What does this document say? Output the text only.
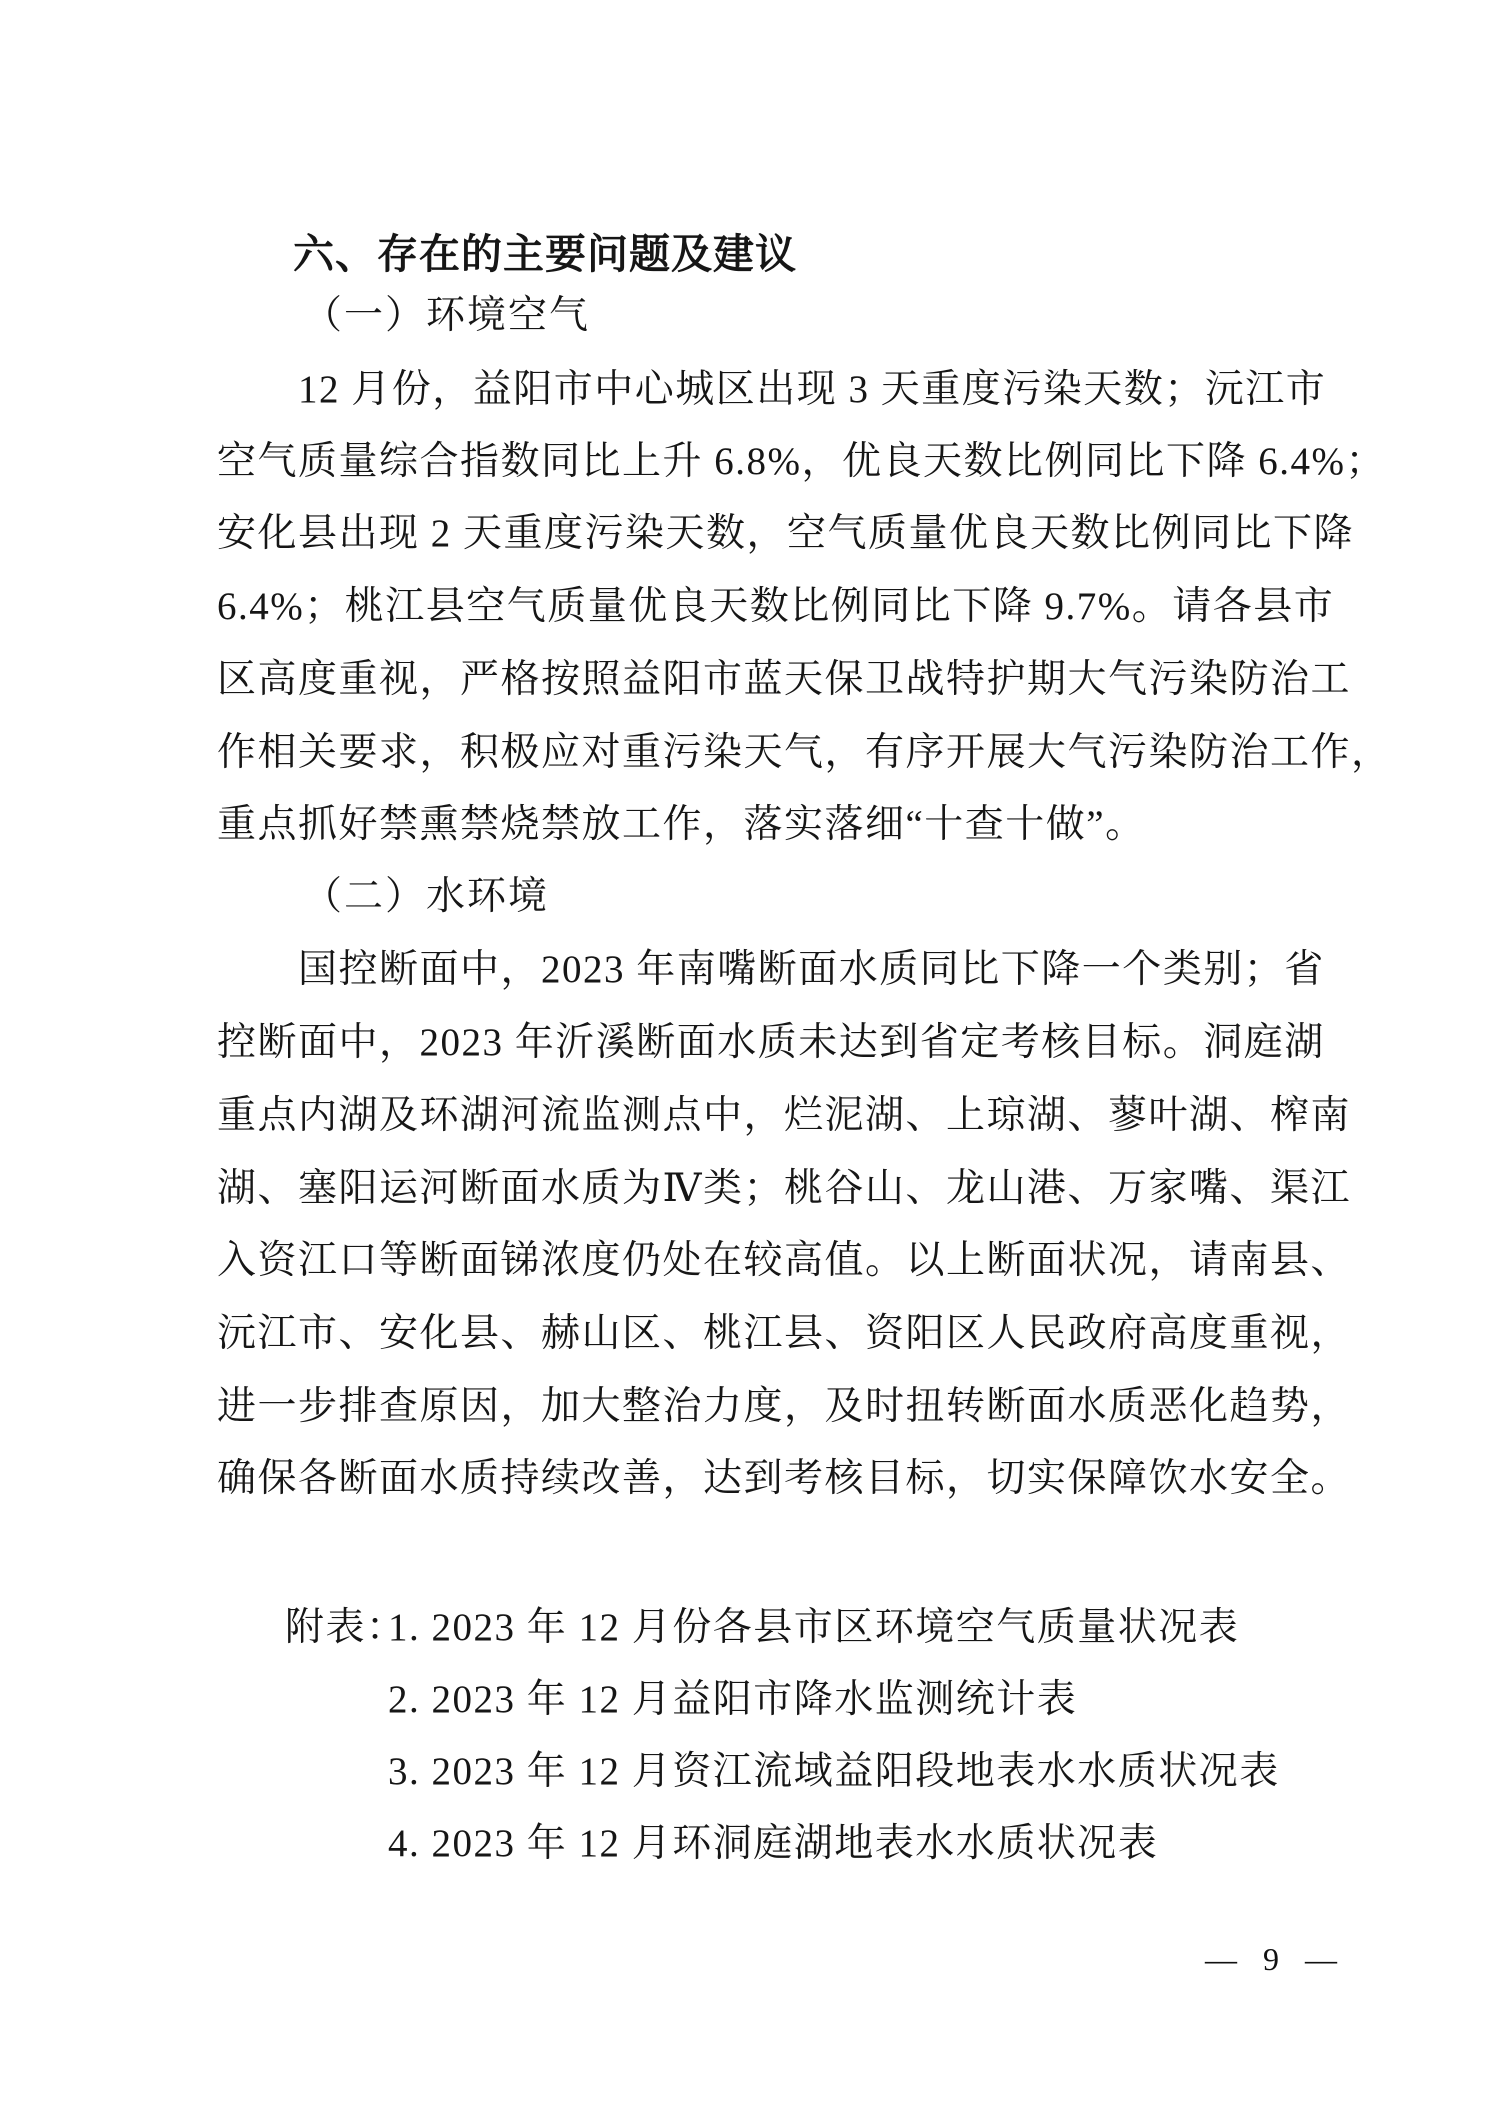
六、存在的主要问题及建议
（一）环境空气
12 月份，益阳市中心城区出现 3 天重度污染天数；沅江市
空气质量综合指数同比上升 6.8%，优良天数比例同比下降 6.4%；
安化县出现 2 天重度污染天数，空气质量优良天数比例同比下降
6.4%；桃江县空气质量优良天数比例同比下降 9.7%。请各县市
区高度重视，严格按照益阳市蓝天保卫战特护期大气污染防治工
作相关要求，积极应对重污染天气，有序开展大气污染防治工作，
重点抓好禁熏禁烧禁放工作，落实落细“十查十做”。
（二）水环境
国控断面中，2023 年南嘴断面水质同比下降一个类别；省
控断面中，2023 年沂溪断面水质未达到省定考核目标。洞庭湖
重点内湖及环湖河流监测点中，烂泥湖、上琼湖、蓼叶湖、榨南
湖、塞阳运河断面水质为Ⅳ类；桃谷山、龙山港、万家嘴、渠江
入资江口等断面锑浓度仍处在较高值。以上断面状况，请南县、
沅江市、安化县、赫山区、桃江县、资阳区人民政府高度重视，
进一步排查原因，加大整治力度，及时扭转断面水质恶化趋势，
确保各断面水质持续改善，达到考核目标，切实保障饮水安全。
附表：
1. 2023 年 12 月份各县市区环境空气质量状况表
2. 2023 年 12 月益阳市降水监测统计表
3. 2023 年 12 月资江流域益阳段地表水水质状况表
4. 2023 年 12 月环洞庭湖地表水水质状况表
— 9 —
